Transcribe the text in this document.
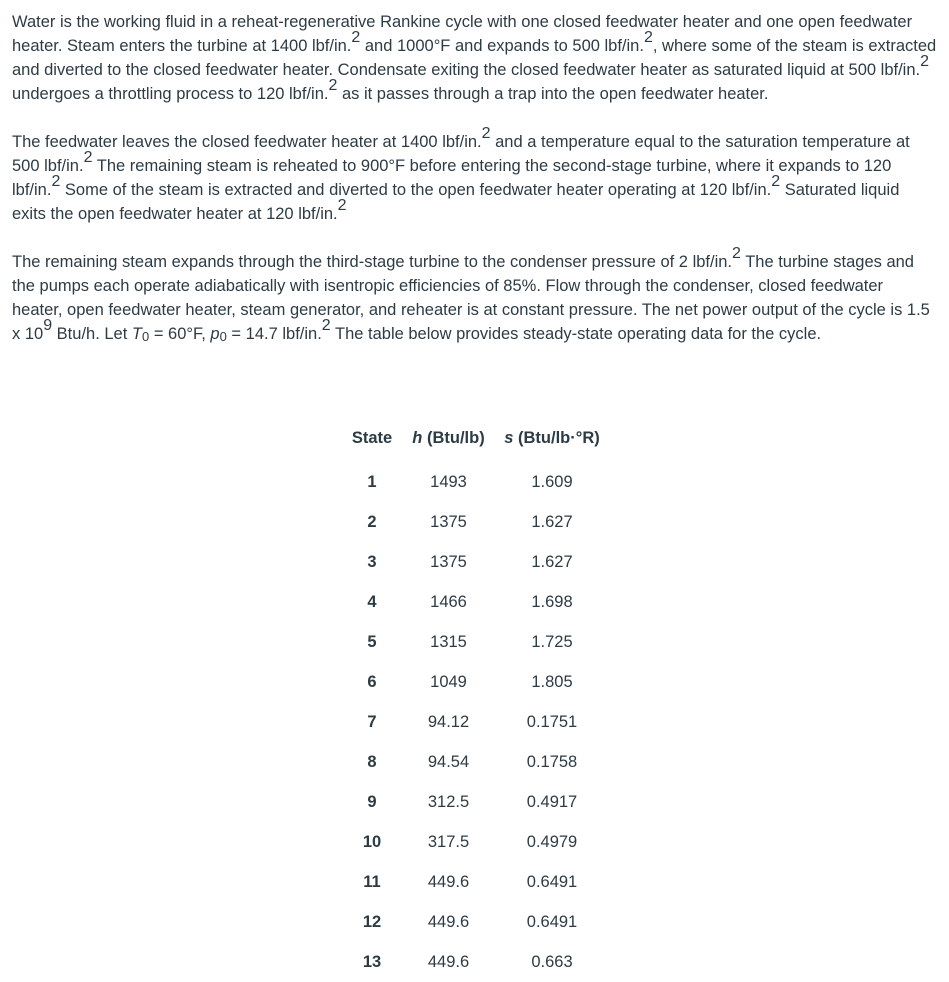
Water is the working fluid in a reheat-regenerative Rankine cycle with one closed feedwater heater and one open feedwater heater. Steam enters the turbine at 1400 lbf/in.2 and 1000°F and expands to 500 lbf/in.2, where some of the steam is extracted and diverted to the closed feedwater heater. Condensate exiting the closed feedwater heater as saturated liquid at 500 lbf/in.2 undergoes a throttling process to 120 lbf/in.2 as it passes through a trap into the open feedwater heater.

The feedwater leaves the closed feedwater heater at 1400 lbf/in.2 and a temperature equal to the saturation temperature at 500 lbf/in.2 The remaining steam is reheated to 900°F before entering the second-stage turbine, where it expands to 120 lbf/in.2 Some of the steam is extracted and diverted to the open feedwater heater operating at 120 lbf/in.2 Saturated liquid exits the open feedwater heater at 120 lbf/in.2

The remaining steam expands through the third-stage turbine to the condenser pressure of 2 lbf/in.2 The turbine stages and the pumps each operate adiabatically with isentropic efficiencies of 85%. Flow through the condenser, closed feedwater heater, open feedwater heater, steam generator, and reheater is at constant pressure. The net power output of the cycle is 1.5 x 109 Btu/h. Let T0 = 60°F, p0 = 14.7 lbf/in.2 The table below provides steady-state operating data for the cycle.

State	h (Btu/lb)	s (Btu/lb·°R)
1	1493	1.609
2	1375	1.627
3	1375	1.627
4	1466	1.698
5	1315	1.725
6	1049	1.805
7	94.12	0.1751
8	94.54	0.1758
9	312.5	0.4917
10	317.5	0.4979
11	449.6	0.6491
12	449.6	0.6491
13	449.6	0.663
